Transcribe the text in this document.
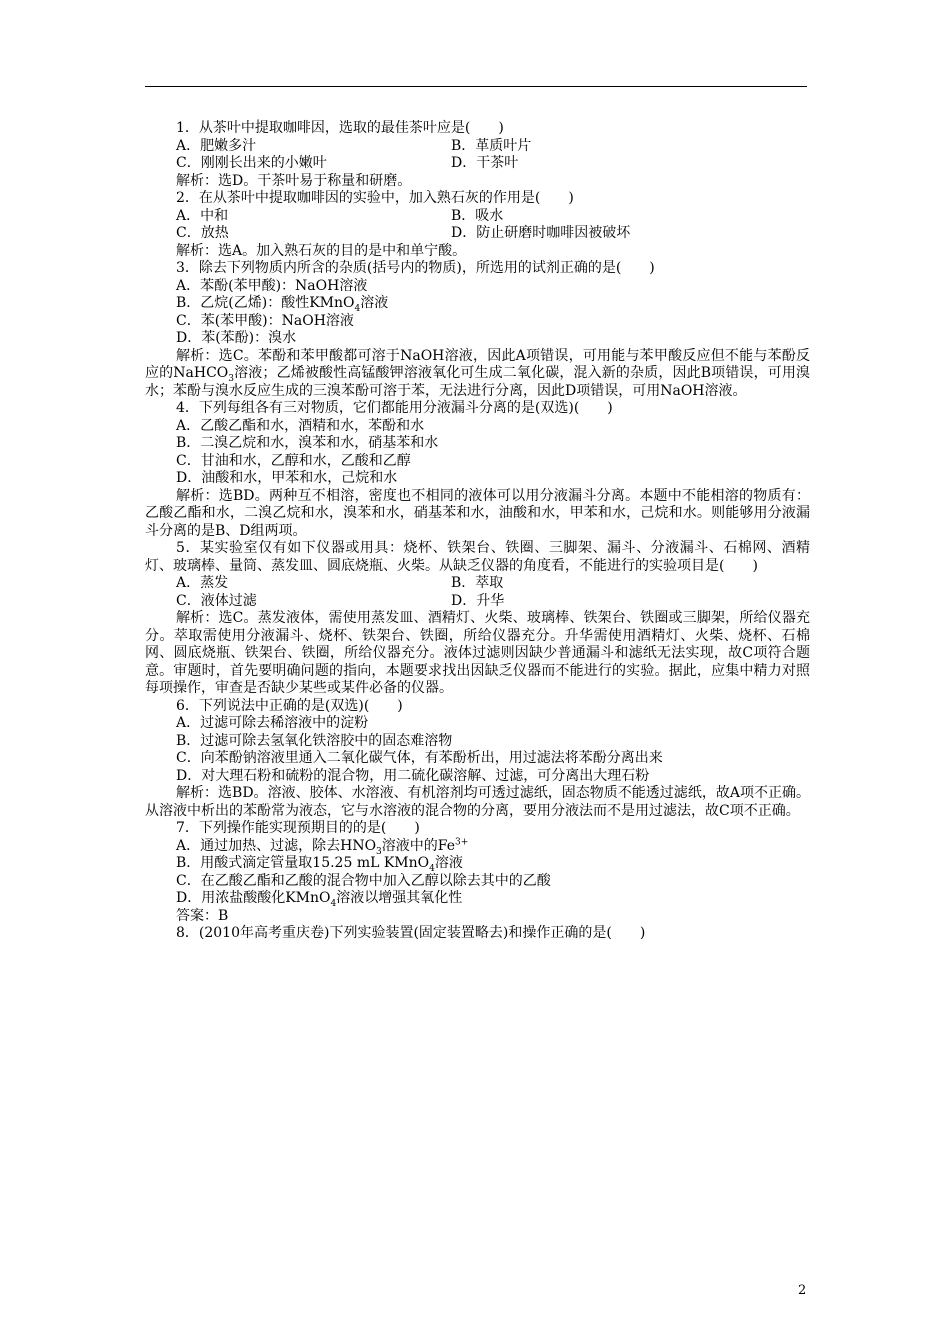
1．从茶叶中提取咖啡因，选取的最佳茶叶应是(　　)
A．肥嫩多汁	B．革质叶片
C．刚刚长出来的小嫩叶	D．干茶叶
解析：选D。干茶叶易于称量和研磨。
2．在从茶叶中提取咖啡因的实验中，加入熟石灰的作用是(　　)
A．中和	B．吸水
C．放热	D．防止研磨时咖啡因被破坏
解析：选A。加入熟石灰的目的是中和单宁酸。
3．除去下列物质内所含的杂质(括号内的物质)，所选用的试剂正确的是(　　)
A．苯酚(苯甲酸)：NaOH溶液
B．乙烷(乙烯)：酸性KMnO$_4$溶液
C．苯(苯甲酸)：NaOH溶液
D．苯(苯酚)：溴水
解析：选C。苯酚和苯甲酸都可溶于NaOH溶液，因此A项错误，可用能与苯甲酸反应但不能与苯酚反应的NaHCO$_3$溶液；乙烯被酸性高锰酸钾溶液氧化可生成二氧化碳，混入新的杂质，因此B项错误，可用溴水；苯酚与溴水反应生成的三溴苯酚可溶于苯，无法进行分离，因此D项错误，可用NaOH溶液。
4．下列每组各有三对物质，它们都能用分液漏斗分离的是(双选)(　　)
A．乙酸乙酯和水，酒精和水，苯酚和水
B．二溴乙烷和水，溴苯和水，硝基苯和水
C．甘油和水，乙醇和水，乙酸和乙醇
D．油酸和水，甲苯和水，己烷和水
解析：选BD。两种互不相溶，密度也不相同的液体可以用分液漏斗分离。本题中不能相溶的物质有：乙酸乙酯和水，二溴乙烷和水，溴苯和水，硝基苯和水，油酸和水，甲苯和水，己烷和水。则能够用分液漏斗分离的是B、D组两项。
5．某实验室仅有如下仪器或用具：烧杯、铁架台、铁圈、三脚架、漏斗、分液漏斗、石棉网、酒精灯、玻璃棒、量筒、蒸发皿、圆底烧瓶、火柴。从缺乏仪器的角度看，不能进行的实验项目是(　　)
A．蒸发	B．萃取
C．液体过滤	D．升华
解析：选C。蒸发液体，需使用蒸发皿、酒精灯、火柴、玻璃棒、铁架台、铁圈或三脚架，所给仪器充分。萃取需使用分液漏斗、烧杯、铁架台、铁圈，所给仪器充分。升华需使用酒精灯、火柴、烧杯、石棉网、圆底烧瓶、铁架台、铁圈，所给仪器充分。液体过滤则因缺少普通漏斗和滤纸无法实现，故C项符合题意。审题时，首先要明确问题的指向，本题要求找出因缺乏仪器而不能进行的实验。据此，应集中精力对照每项操作，审查是否缺少某些或某件必备的仪器。
6．下列说法中正确的是(双选)(　　)
A．过滤可除去稀溶液中的淀粉
B．过滤可除去氢氧化铁溶胶中的固态难溶物
C．向苯酚钠溶液里通入二氧化碳气体，有苯酚析出，用过滤法将苯酚分离出来
D．对大理石粉和硫粉的混合物，用二硫化碳溶解、过滤，可分离出大理石粉
解析：选BD。溶液、胶体、水溶液、有机溶剂均可透过滤纸，固态物质不能透过滤纸，故A项不正确。从溶液中析出的苯酚常为液态，它与水溶液的混合物的分离，要用分液法而不是用过滤法，故C项不正确。
7．下列操作能实现预期目的的是(　　)
A．通过加热、过滤，除去$HNO_3$溶液中的$Fe^{3+}$
B．用酸式滴定管量取15.25 mL KMnO$_4$溶液
C．在乙酸乙酯和乙酸的混合物中加入乙醇以除去其中的乙酸
D．用浓盐酸酸化KMnO$_4$溶液以增强其氧化性
答案：B
8．(2010年高考重庆卷)下列实验装置(固定装置略去)和操作正确的是(　　)
2
